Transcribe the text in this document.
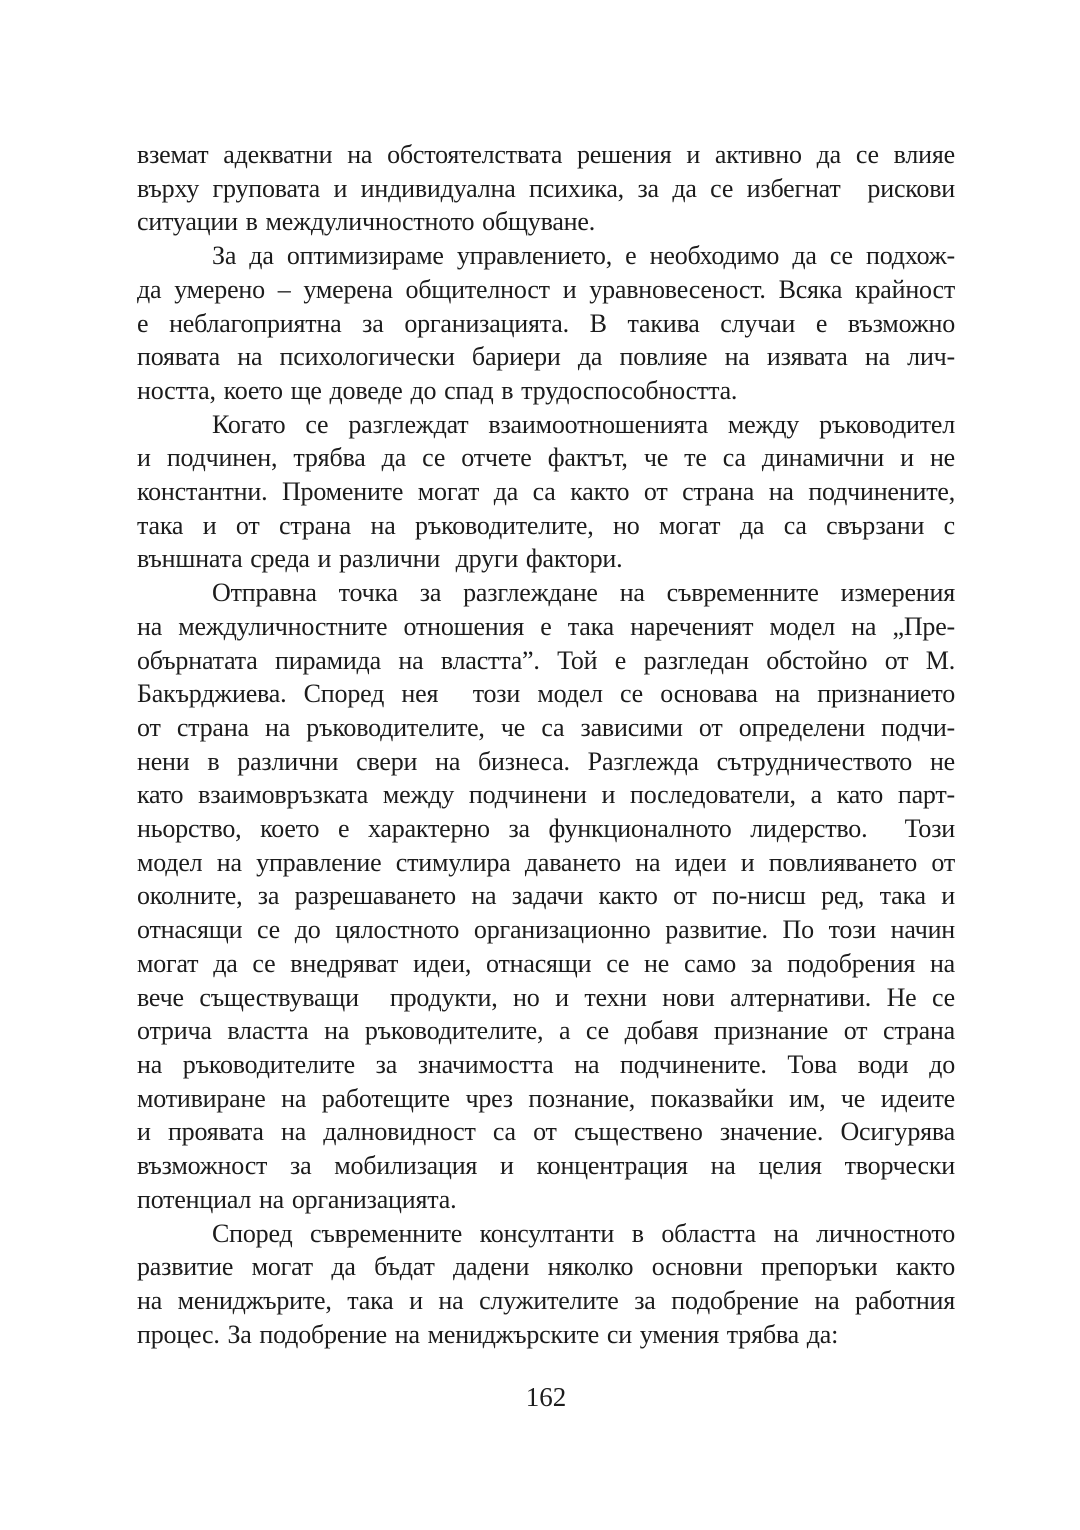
вземат адекватни на обстоятелствата решения и активно да се влияе
върху груповата и индивидуална психика, за да се избегнат  рискови
ситуации в междуличностното общуване.

За да оптимизираме управлението, е необходимо да се подхож-
да умерено – умерена общителност и уравновесеност. Всяка крайност
е неблагоприятна за организацията. В такива случаи е възможно
появата на психологически бариери да повлияе на изявата на лич-
ността, което ще доведе до спад в трудоспособността.

Когато се разглеждат взаимоотношенията между ръководител
и подчинен, трябва да се отчете фактът, че те са динамични и не
константни. Промените могат да са както от страна на подчинените,
така и от страна на ръководителите, но могат да са свързани с
външната среда и различни  други фактори.

Отправна точка за разглеждане на съвременните измерения
на междуличностните отношения е така нареченият модел на „Пре-
обърнатата пирамида на властта”. Той е разгледан обстойно от М.
Бакърджиева. Според нея  този модел се основава на признанието
от страна на ръководителите, че са зависими от определени подчи-
нени в различни свери на бизнеса. Разглежда сътрудничеството не
като взаимовръзката между подчинени и последователи, а като парт-
ньорство, което е характерно за функционалното лидерство.  Този
модел на управление стимулира даването на идеи и повлияването от
околните, за разрешаването на задачи както от по-нисш ред, така и
отнасящи се до цялостното организационно развитие. По този начин
могат да се внедряват идеи, отнасящи се не само за подобрения на
вече съществуващи  продукти, но и техни нови алтернативи. Не се
отрича властта на ръководителите, а се добавя признание от страна
на ръководителите за значимостта на подчинените. Това води до
мотивиране на работещите чрез познание, показвайки им, че идеите
и проявата на далновидност са от съществено значение. Осигурява
възможност за мобилизация и концентрация на целия творчески
потенциал на организацията.

Според съвременните консултанти в областта на личностното
развитие могат да бъдат дадени няколко основни препоръки както
на мениджърите, така и на служителите за подобрение на работния
процес. За подобрение на мениджърските си умения трябва да:

162
